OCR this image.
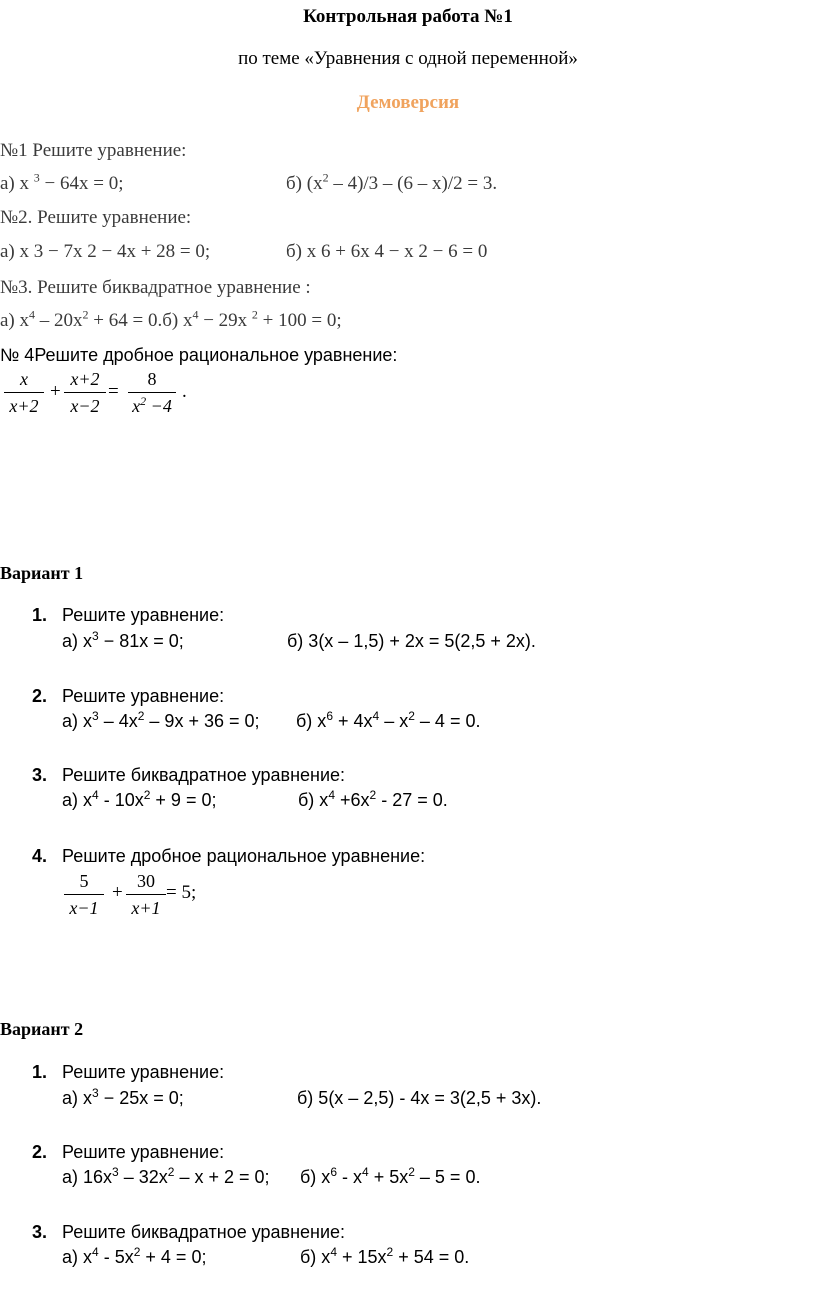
Контрольная работа №1
по теме «Уравнения с одной переменной»
Демоверсия
№1 Решите уравнение:
а) x $^3$ − 64x = 0;	б) $(x^2 - 4)/3 - (6 - x)/2 = 3$.
№2. Решите уравнение:
а) x 3 − 7x 2 − 4x + 28 = 0;	б) x 6 + 6x 4 − x 2 − 6 = 0
№3. Решите биквадратное уравнение :
а) $x^4 - 20x^2 + 64 = 0.б$) $x^4 - 29x$ $^2$ + 100 = 0;
№ 4Решите дробное рациональное уравнение:
x
x+2
+
x+2
x−2
=
8
$x^2 -4$
.
Вариант 1
1. Решите уравнение:
а) $x^3 - 81x = 0$;	б) 3(x – 1,5) + 2x = 5(2,5 + 2x).
2. Решите уравнение:
а) $x^3 - 4x^2 - 9x + 36 = 0$; б) $x^6 + 4x^4 - x^2 - 4 = 0$.
3. Решите биквадратное уравнение:
а) $x^4 - 10x^2 + 9 = 0$;	б) $x^4 +6x^2 - 27 = 0$.
4. Решите дробное рациональное уравнение:
5
x−1
+
30
x+1
= 5;
Вариант 2
1. Решите уравнение:
а) $x^3 - 25x = 0$;	б) 5(x – 2,5) - 4x = 3(2,5 + 3x).
2. Решите уравнение:
а) $16x^3 - 32x^2 - x + 2 = 0$; б) $x^6 - x^4 + 5x^2 - 5 = 0$.
3. Решите биквадратное уравнение:
а) $x^4 - 5x^2 + 4 = 0$;	б) $x^4 + 15x^2 + 54 = 0$.
